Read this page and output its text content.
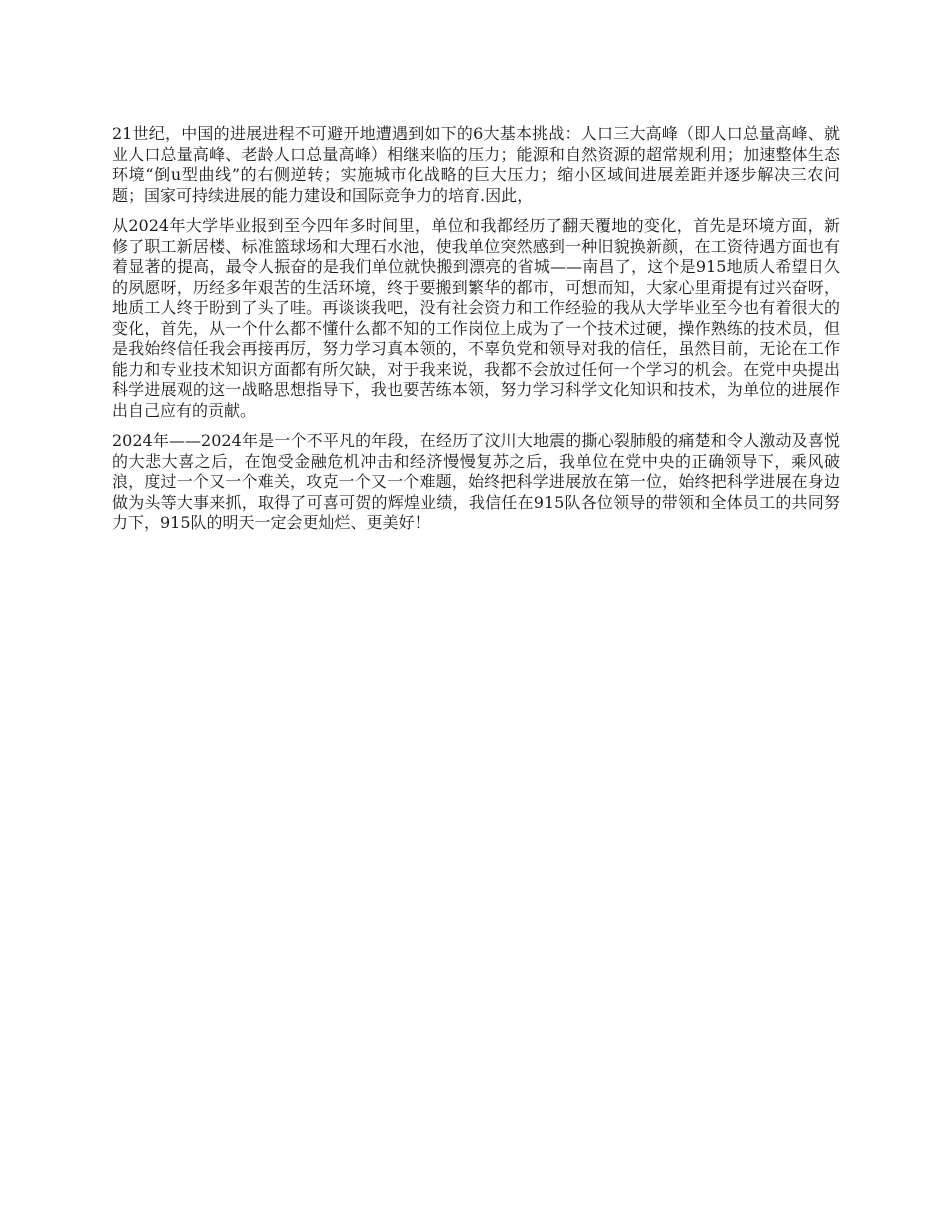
21世纪，中国的进展进程不可避开地遭遇到如下的6大基本挑战：人口三大高峰（即人口总量高峰、就业人口总量高峰、老龄人口总量高峰）相继来临的压力；能源和自然资源的超常规利用；加速整体生态环境“倒u型曲线”的右侧逆转；实施城市化战略的巨大压力；缩小区域间进展差距并逐步解决三农问题；国家可持续进展的能力建设和国际竞争力的培育.因此，

从2024年大学毕业报到至今四年多时间里，单位和我都经历了翻天覆地的变化，首先是环境方面，新修了职工新居楼、标准篮球场和大理石水池，使我单位突然感到一种旧貌换新颜，在工资待遇方面也有着显著的提高，最令人振奋的是我们单位就快搬到漂亮的省城——南昌了，这个是915地质人希望日久的夙愿呀，历经多年艰苦的生活环境，终于要搬到繁华的都市，可想而知，大家心里甭提有过兴奋呀，地质工人终于盼到了头了哇。再谈谈我吧，没有社会资力和工作经验的我从大学毕业至今也有着很大的变化，首先，从一个什么都不懂什么都不知的工作岗位上成为了一个技术过硬，操作熟练的技术员，但是我始终信任我会再接再厉，努力学习真本领的，不辜负党和领导对我的信任，虽然目前，无论在工作能力和专业技术知识方面都有所欠缺，对于我来说，我都不会放过任何一个学习的机会。在党中央提出科学进展观的这一战略思想指导下，我也要苦练本领，努力学习科学文化知识和技术，为单位的进展作出自己应有的贡献。

2024年——2024年是一个不平凡的年段，在经历了汶川大地震的撕心裂肺般的痛楚和令人激动及喜悦的大悲大喜之后，在饱受金融危机冲击和经济慢慢复苏之后，我单位在党中央的正确领导下，乘风破浪，度过一个又一个难关，攻克一个又一个难题，始终把科学进展放在第一位，始终把科学进展在身边做为头等大事来抓，取得了可喜可贺的辉煌业绩，我信任在915队各位领导的带领和全体员工的共同努力下，915队的明天一定会更灿烂、更美好！
